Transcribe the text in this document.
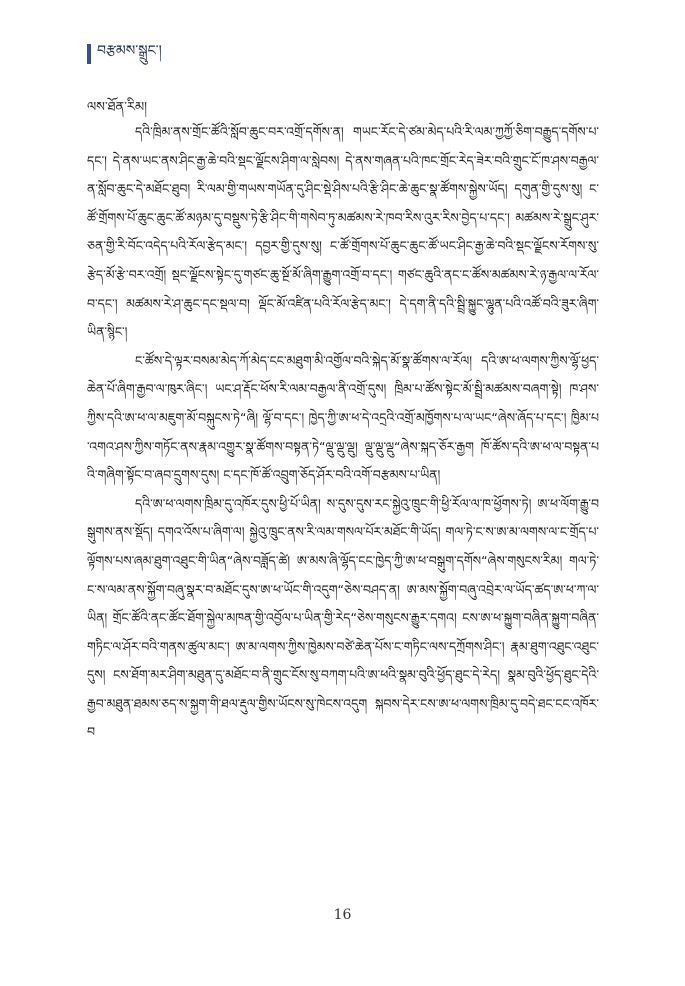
བརྩམས་སྒྲུང་།
ལས་ཐོན་རིམ།

དའི་ཁྲིམ་ནས་གྲོང་ཚོའི་སློབ་ཆུང་བར་འགྲོ་དགོས་ན། གཡང་རོང་དེ་ཙམ་མེད་པའི་རི་ལམ་ཀྱཀྱོ་ཅིག་བརྒྱུད་དགོས་པ་དང་། དེ་ནས་ཡང་ནས་ཤིང་རྒྱ་ཆེ་བའི་སྡང་ལྗོངས་ཤིག་ལ་སླེབས། དེ་ནས་གཞན་པའི་ཁང་གྲོང་རེད་ཟེར་བའི་གྲུང་ངོ་ཁ་ཤས་བརྒྱལ་ན་སློབ་ཆུང་དེ་མཐོང་ཐུབ། རི་ལམ་གྱི་གཡས་གཡོན་དུ་ཤིང་སྡེ་ཤིས་པའི་རྩི་ཤིང་ཆེ་ཆུང་སྣ་ཚོགས་སྐྱེས་ཡོད། དགུན་གྱི་དུས་སུ། ང་ཚོ་གྲོགས་པོ་ཆུང་ཆུང་ཚོ་མཉམ་དུ་བསྡུས་ཏེ་རྩི་ཤིང་གི་གསེབ་ཏུ་མཚམས་རེ་ཁབ་རིས་འུར་རིས་བྱེད་པ་དང་། མཚམས་རེ་སྒྲུང་ཤུར་ཅན་གྱི་རི་བོང་འདེད་པའི་རོལ་རྩེད་མང་། དབྱར་གྱི་དུས་སུ། ང་ཚོ་གྲོགས་པོ་ཆུང་ཆུང་ཚོ་ཡང་ཤིང་རྒྱ་ཆེ་བའི་སྡང་ལྗོངས་རོགས་སུ་རྩེད་མོ་རྩེ་བར་འགྲོ། སྡང་ལྗོངས་སྟེང་དུ་གཙང་ཆུ་སྔོ་མོ་ཞིག་རྒྱུག་འགྲོ་བ་དང་། གཙང་ཆུའི་ནང་ང་ཚོས་མཚམས་རེ་ཉ་རྒྱལ་ལ་རོལ་བ་དང་། མཚམས་རེ་ཤ་ཆུང་དང་སྡལ་བ། ལྡོང་མོ་འཛིན་པའི་རོལ་རྩེད་མང་། དེ་དག་ནི་དའི་སྦྲི་སྐྱུང་ལྷུན་པའི་འཚོ་བའི་ཟུར་ཞིག་ཡིན་སྙིང་།

ང་ཚོས་དེ་ལྟར་བསམ་མེད་ཀོ་མེད་ངང་མཐུག་མི་འགྱོལ་བའི་སྐེད་མོ་སྣ་ཚོགས་ལ་རོལ། དའི་ཨ་ཕ་ལགས་ཀྱིས་ལྷོ་ཕྱད་ཆེན་པོ་ཞིག་རྒྱབ་ལ་ཁུར་ཞིང་། ཡང་ཤ་རྡོང་ཕོས་རི་ལམ་བརྒྱལ་ནི་འགྲོ་དུས། ཁྲིམ་པ་ཚོས་སྟེང་མོ་སྦྲི་མཚམས་བཞག་སྟེ། ཁ་ཤས་ཀྱིས་དའི་ཨ་ཕ་ལ་མཇུག་མོ་བསྐུངས་ཏེ“ཞི། ལྷོ་བ་དང་། ཁྱེད་ཀྱི་ཨ་ཕ་དེ་འདྲའི་འགྲོ་མཁྱོགས་པ་ལ་ཡང“ཞེས་ཞོད་པ་དང་། ཁྱིམ་པ་འགའ་ཤས་ཀྱིས་གཏོང་ནས་རྣམ་འགྱུར་སྣ་ཚོགས་བསྟན་ཏེ“ལྡུ་ལྡུ་ལྡུ། ལྡུ་ལྡུ་ལྡུ“ཞེས་སྐད་ཅོར་རྒྱག ཁོ་ཚོས་དའི་ཨ་ཕ་ལ་བསྟན་པའི་གཞིག་སྟོང་བ་ཞབ་དྲུགས་དུས། ང་དང་ཁོ་ཚོ་འབྲུག་ཅོད་ཤོར་བའི་འགོ་བརྩམས་པ་ཡིན།

དའི་ཨ་ཕ་ལགས་ཁྲིམ་དུ་འཁོར་དུས་ཕྱི་པོ་ཡིན། ས་དུས་དུས་རང་སྐྱེའུ་ཁྲུང་གི་ཕྱི་རོལ་ལ་ཁ་ཕྱོགས་ཏེ། ཨ་ཕ་ལོག་རྒྱུ་བསྒུགས་ནས་སྡོད། དགའ་འོས་པ་ཞིག་ལ། སྐྱེའུ་ཁྲུང་ནས་རི་ལམ་གསལ་པོར་མཐོང་གི་ཡོད། གལ་ཏེ་ང་ས་ཨ་མ་ལགས་ལ་ང་གྲོད་པ་ལྟོགས་པས་ཞམ་ཐུག་འཐུང་གི་ཡིན“ཞེས་བཟློད་ཚེ། ཨ་མས་ཞི་ལྷོད་ངང་ཁྱེད་ཀྱི་ཨ་ཕ་བསྒུག་དགོས“ཞེས་གསུངས་རིམ། གལ་ཏེ་ང་ས་ལམ་ནས་སྐྱོག་བཞུ་སྣར་བ་མཐོང་དུས་ཨ་ཕ་ཡོང་གི་འདུག“ཅེས་བཤད་ན། ཨ་མས་སྐྱོག་བཞུ་འབྲེར་ལ་ཡོད་ཚད་ཨ་ཕ་ཀ་ལ་ཡིན། གྲོང་ཚོའི་ནང་ཚོང་ཐོག་སྐྱེལ་མཁན་གྱི་འབྱོལ་པ་ཡིན་གྱི་རེད“ཅེས་གསུངས་རྒྱུར་དགའ། ངས་ཨ་ཕ་སྐྱུག་བཞིན་སྐྱུག་བཞིན་གཏིང་ལ་ཤོར་བའི་གནས་ཚུལ་མང་། ཨ་མ་ལགས་ཀྱིས་ཁྱེམས་བཙེ་ཆེན་པོས་ང་གཏིང་ལས་དཀྲོགས་ཤིང་། རྣམ་ཐུག་འཐུང་འཐུང་དུས། ངས་ཐོག་མར་ཤིག་མཐུན་དུ་མཐོང་བ་ནི་གྲུང་ངོས་སུ་བཀག་པའི་ཨ་ཕའི་སྣམ་བུའི་ཕྱོད་ཐུང་དེ་རེད། སྣམ་བུའི་ཕྱོད་ཐུང་དེའི་རྒྱབ་མཐུན་ཐམས་ཅད་ས་སྐྱག་གི་ཐལ་རྡུལ་གྱིས་ཡོངས་སུ་ཁེངས་འདུག སྐབས་དེར་ངས་ཨ་ཕ་ལགས་ཁྲིམ་དུ་བདེ་ཐང་ངང་འཁོར་བ

16
